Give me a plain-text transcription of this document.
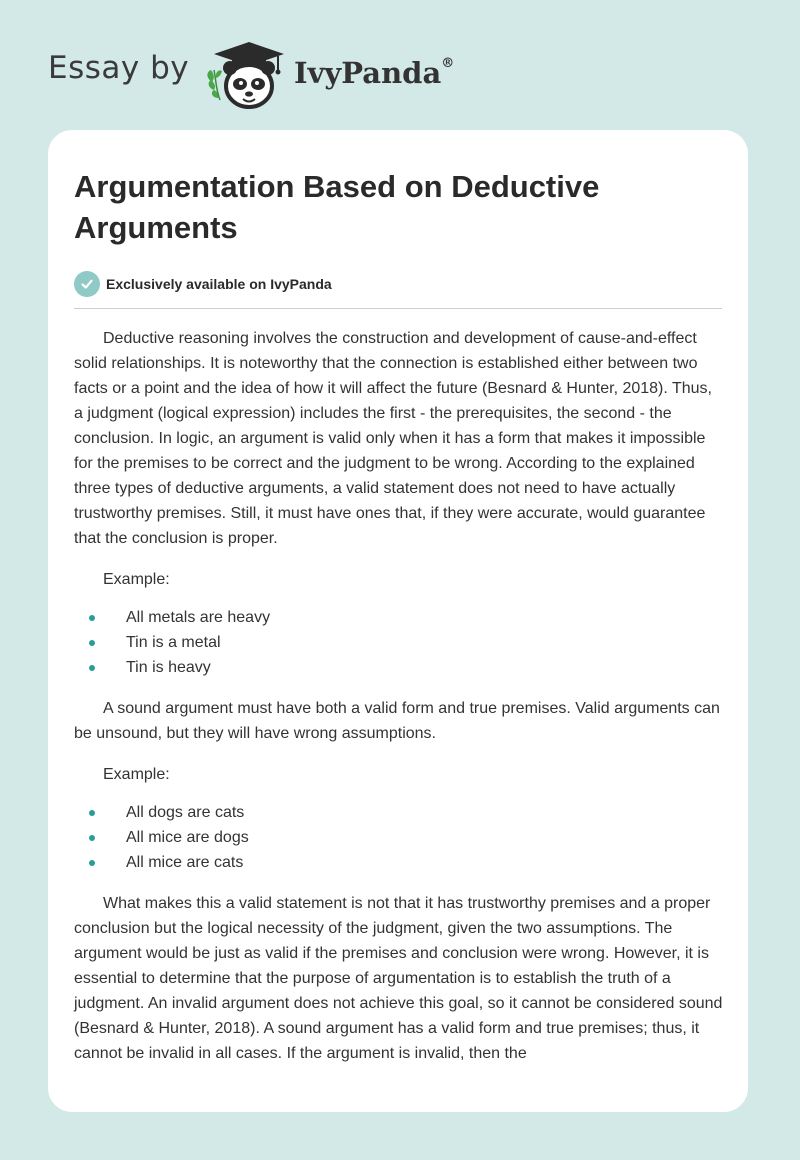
Essay by	IvyPanda®
Argumentation Based on Deductive Arguments
Exclusively available on IvyPanda

Deductive reasoning involves the construction and development of cause-and-effect solid relationships. It is noteworthy that the connection is established either between two facts or a point and the idea of how it will affect the future (Besnard & Hunter, 2018). Thus, a judgment (logical expression) includes the first - the prerequisites, the second - the conclusion. In logic, an argument is valid only when it has a form that makes it impossible for the premises to be correct and the judgment to be wrong. According to the explained three types of deductive arguments, a valid statement does not need to have actually trustworthy premises. Still, it must have ones that, if they were accurate, would guarantee that the conclusion is proper.

Example:

All metals are heavy
Tin is a metal
Tin is heavy

A sound argument must have both a valid form and true premises. Valid arguments can be unsound, but they will have wrong assumptions.

Example:

All dogs are cats
All mice are dogs
All mice are cats

What makes this a valid statement is not that it has trustworthy premises and a proper conclusion but the logical necessity of the judgment, given the two assumptions. The argument would be just as valid if the premises and conclusion were wrong. However, it is essential to determine that the purpose of argumentation is to establish the truth of a judgment. An invalid argument does not achieve this goal, so it cannot be considered sound (Besnard & Hunter, 2018). A sound argument has a valid form and true premises; thus, it cannot be invalid in all cases. If the argument is invalid, then the
